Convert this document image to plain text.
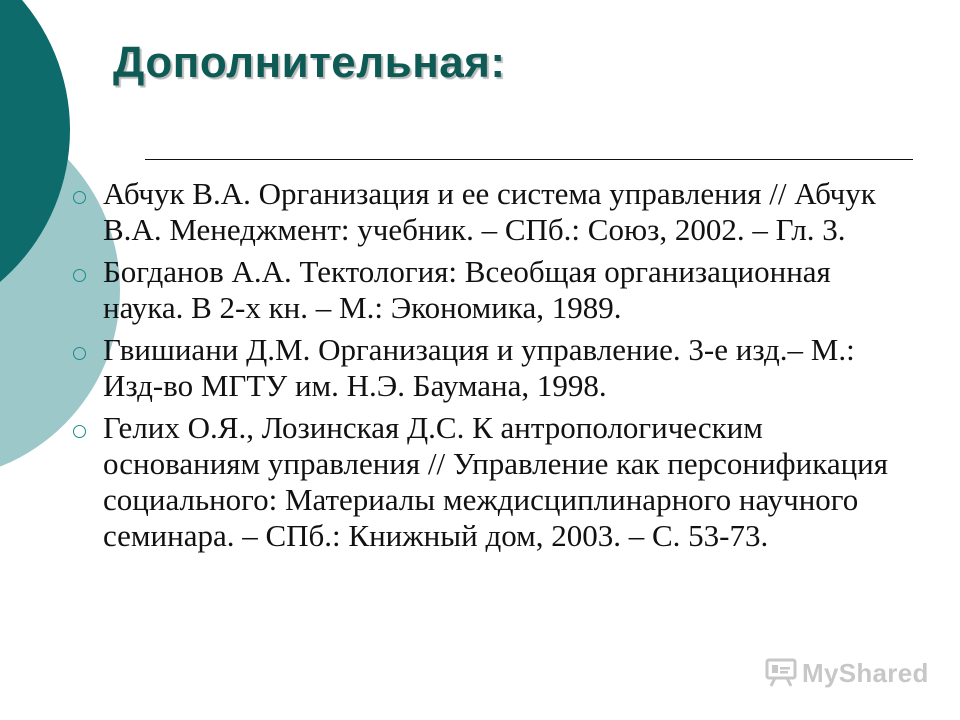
Дополнительная:
Абчук В.А. Организация и ее система управления // Абчук В.А. Менеджмент: учебник. – СПб.: Союз, 2002. – Гл. 3.
Богданов А.А. Тектология: Всеобщая организационная наука. В 2-х кн. – М.: Экономика, 1989.
Гвишиани Д.М. Организация и управление. 3-е изд.– М.: Изд-во МГТУ им. Н.Э. Баумана, 1998.
Гелих О.Я., Лозинская Д.С. К антропологическим основаниям управления // Управление как персонификация социального: Материалы междисциплинарного научного семинара. – СПб.: Книжный дом, 2003. – С. 53-73.
MyShared
